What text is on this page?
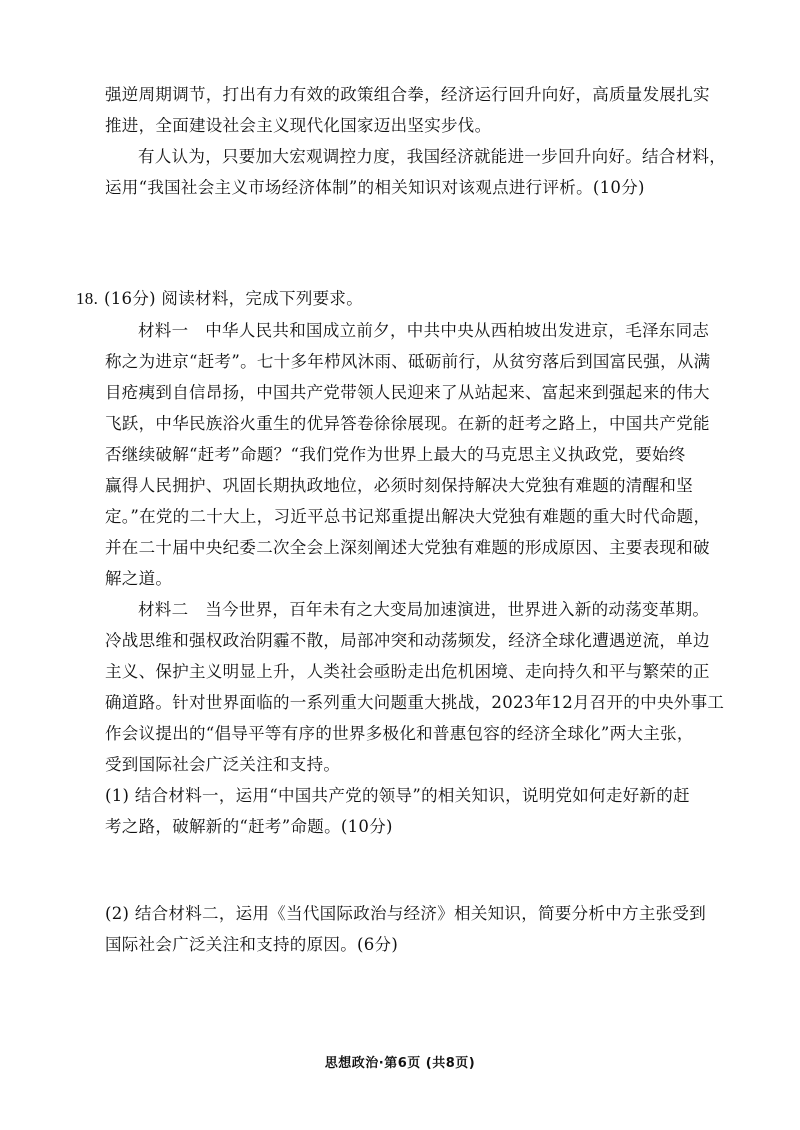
强逆周期调节，打出有力有效的政策组合拳，经济运行回升向好，高质量发展扎实
推进，全面建设社会主义现代化国家迈出坚实步伐。
有人认为，只要加大宏观调控力度，我国经济就能进一步回升向好。结合材料，
运用“我国社会主义市场经济体制”的相关知识对该观点进行评析。(10分)
18. (16分) 阅读材料，完成下列要求。
材料一　中华人民共和国成立前夕，中共中央从西柏坡出发进京，毛泽东同志
称之为进京“赶考”。七十多年栉风沐雨、砥砺前行，从贫穷落后到国富民强，从满
目疮痍到自信昂扬，中国共产党带领人民迎来了从站起来、富起来到强起来的伟大
飞跃，中华民族浴火重生的优异答卷徐徐展现。在新的赶考之路上，中国共产党能
否继续破解“赶考”命题？“我们党作为世界上最大的马克思主义执政党，要始终
赢得人民拥护、巩固长期执政地位，必须时刻保持解决大党独有难题的清醒和坚
定。”在党的二十大上，习近平总书记郑重提出解决大党独有难题的重大时代命题，
并在二十届中央纪委二次全会上深刻阐述大党独有难题的形成原因、主要表现和破
解之道。
材料二　当今世界，百年未有之大变局加速演进，世界进入新的动荡变革期。
冷战思维和强权政治阴霾不散，局部冲突和动荡频发，经济全球化遭遇逆流，单边
主义、保护主义明显上升，人类社会亟盼走出危机困境、走向持久和平与繁荣的正
确道路。针对世界面临的一系列重大问题重大挑战，2023年12月召开的中央外事工
作会议提出的“倡导平等有序的世界多极化和普惠包容的经济全球化”两大主张，
受到国际社会广泛关注和支持。
(1) 结合材料一，运用“中国共产党的领导”的相关知识，说明党如何走好新的赶
考之路，破解新的“赶考”命题。(10分)
(2) 结合材料二，运用《当代国际政治与经济》相关知识，简要分析中方主张受到
国际社会广泛关注和支持的原因。(6分)
思想政治·第6页 (共8页)
